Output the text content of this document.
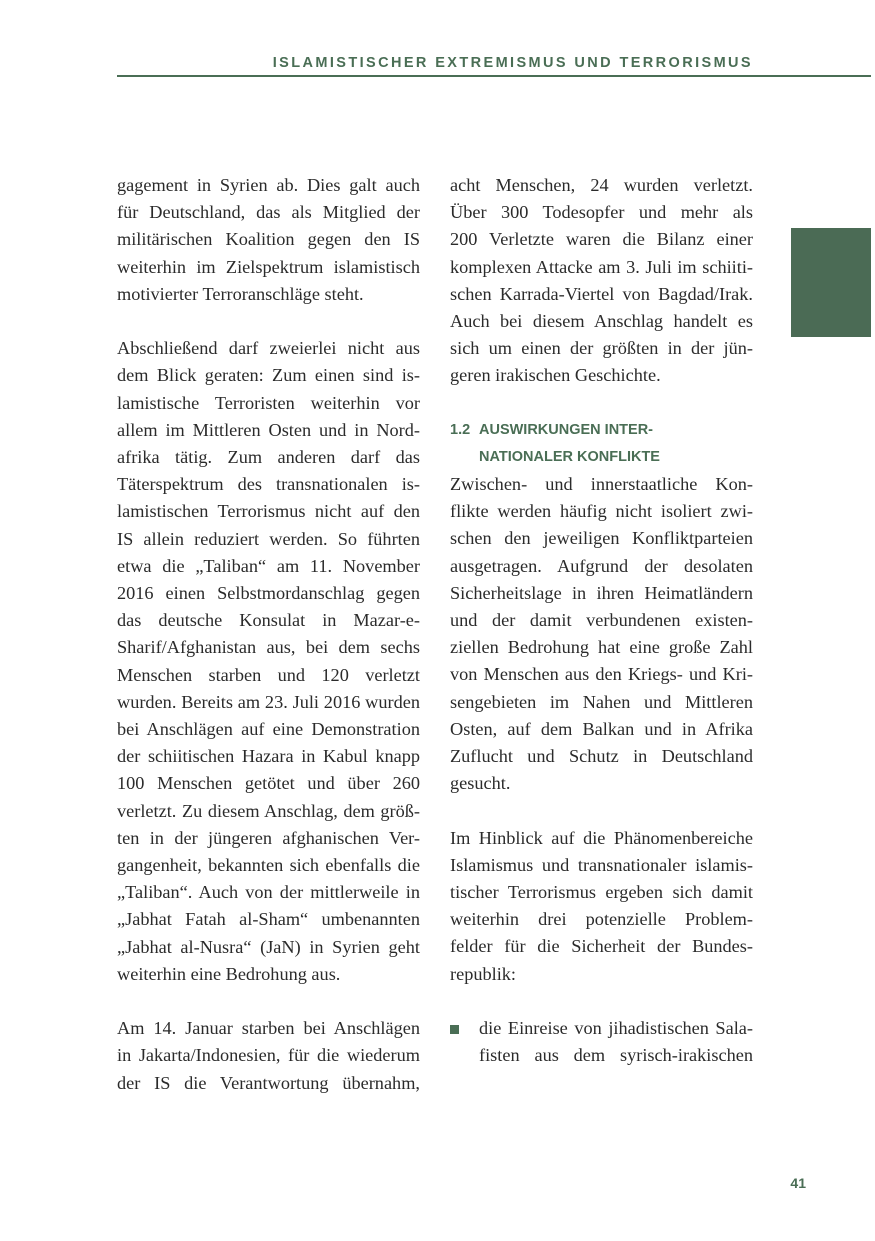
ISLAMISTISCHER EXTREMISMUS UND TERRORISMUS

gagement in Syrien ab. Dies galt auch
für Deutschland, das als Mitglied der
militärischen Koalition gegen den IS
weiterhin im Zielspektrum islamistisch
motivierter Terroranschläge steht.

Abschließend darf zweierlei nicht aus
dem Blick geraten: Zum einen sind is-
lamistische Terroristen weiterhin vor
allem im Mittleren Osten und in Nord-
afrika tätig. Zum anderen darf das
Täterspektrum des transnationalen is-
lamistischen Terrorismus nicht auf den
IS allein reduziert werden. So führten
etwa die „Taliban“ am 11. November
2016 einen Selbstmordanschlag gegen
das deutsche Konsulat in Mazar-e-
Sharif/Afghanistan aus, bei dem sechs
Menschen starben und 120 verletzt
wurden. Bereits am 23. Juli 2016 wurden
bei Anschlägen auf eine Demonstration
der schiitischen Hazara in Kabul knapp
100 Menschen getötet und über 260
verletzt. Zu diesem Anschlag, dem größ-
ten in der jüngeren afghanischen Ver-
gangenheit, bekannten sich ebenfalls die
„Taliban“. Auch von der mittlerweile in
„Jabhat Fatah al-Sham“ umbenannten
„Jabhat al-Nusra“ (JaN) in Syrien geht
weiterhin eine Bedrohung aus.

Am 14. Januar starben bei Anschlägen
in Jakarta/Indonesien, für die wiederum
der IS die Verantwortung übernahm,

acht Menschen, 24 wurden verletzt.
Über 300 Todesopfer und mehr als
200 Verletzte waren die Bilanz einer
komplexen Attacke am 3. Juli im schiiti-
schen Karrada-Viertel von Bagdad/Irak.
Auch bei diesem Anschlag handelt es
sich um einen der größten in der jün-
geren irakischen Geschichte.

1.2 AUSWIRKUNGEN INTER-
NATIONALER KONFLIKTE

Zwischen- und innerstaatliche Kon-
flikte werden häufig nicht isoliert zwi-
schen den jeweiligen Konfliktparteien
ausgetragen. Aufgrund der desolaten
Sicherheitslage in ihren Heimatländern
und der damit verbundenen existen-
ziellen Bedrohung hat eine große Zahl
von Menschen aus den Kriegs- und Kri-
sengebieten im Nahen und Mittleren
Osten, auf dem Balkan und in Afrika
Zuflucht und Schutz in Deutschland
gesucht.

Im Hinblick auf die Phänomenbereiche
Islamismus und transnationaler islamis-
tischer Terrorismus ergeben sich damit
weiterhin drei potenzielle Problem-
felder für die Sicherheit der Bundes-
republik:

die Einreise von jihadistischen Sala-
fisten aus dem syrisch-irakischen

41
